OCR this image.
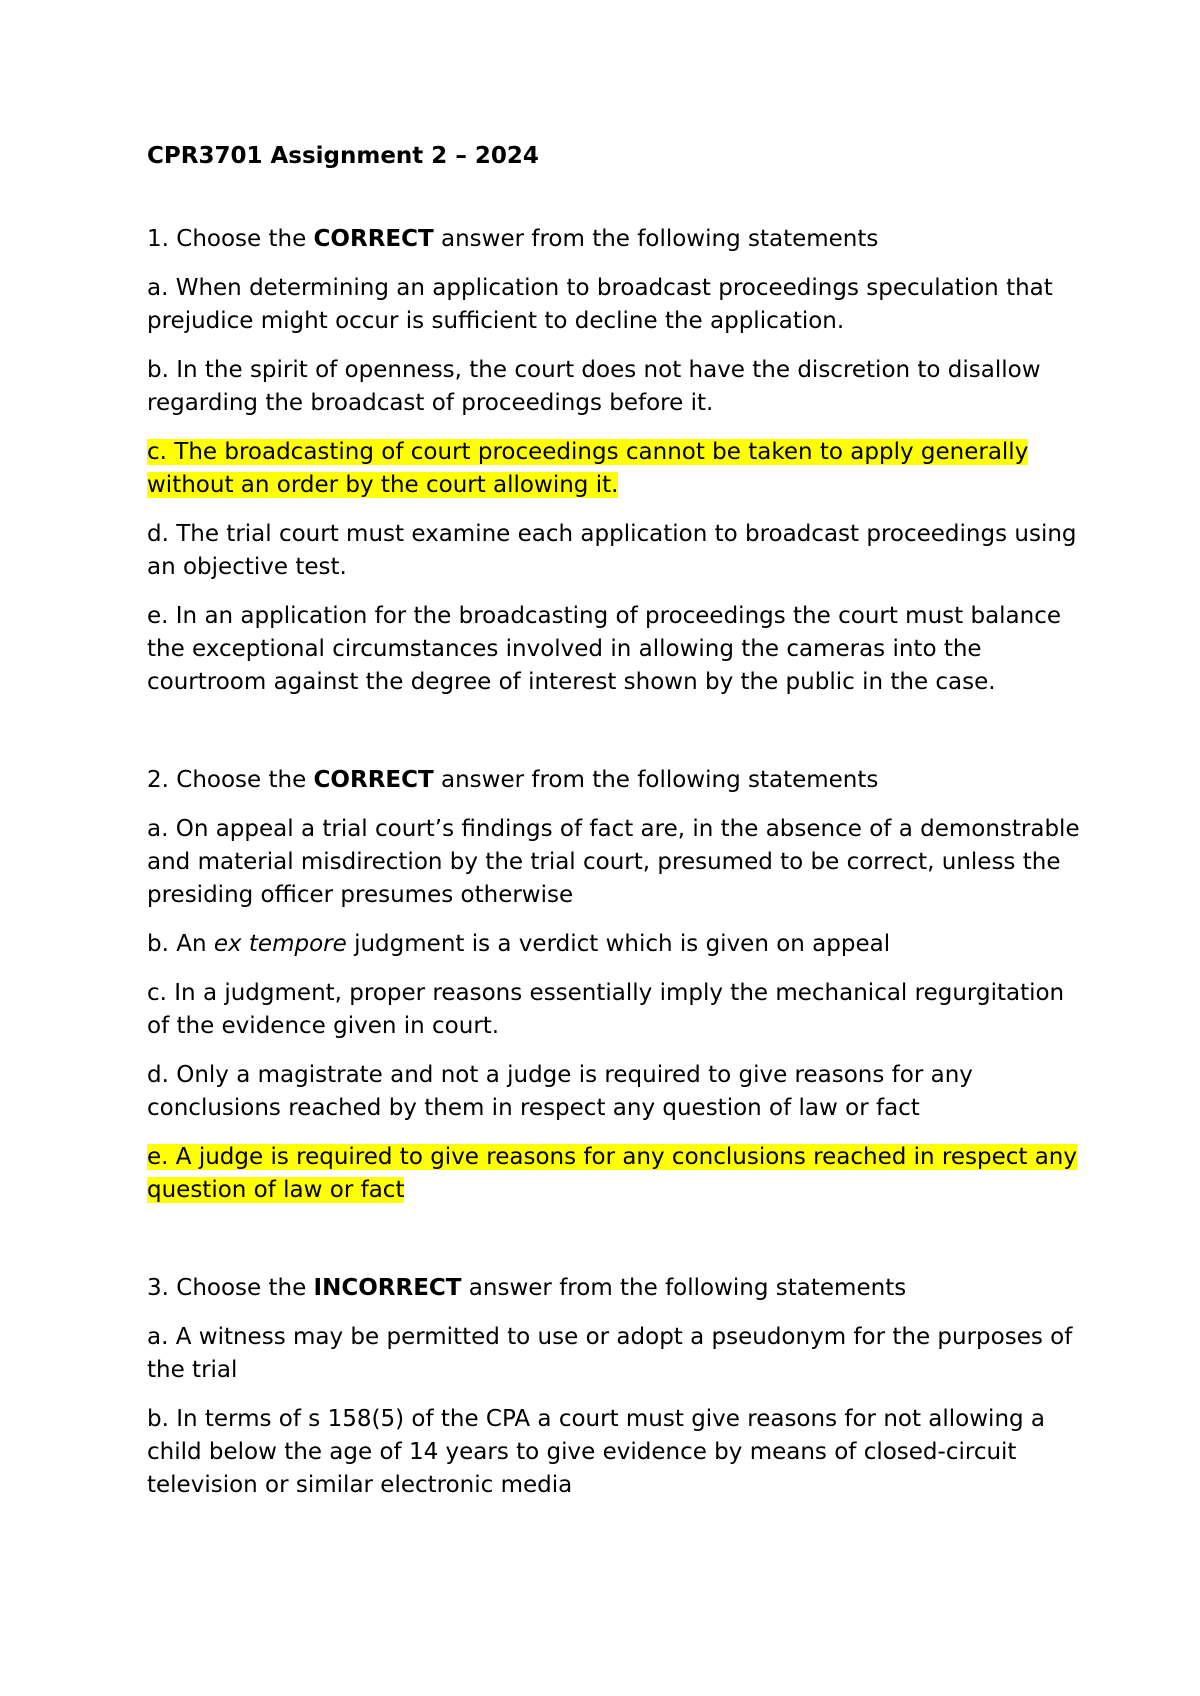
CPR3701 Assignment 2 – 2024

1. Choose the CORRECT answer from the following statements

a. When determining an application to broadcast proceedings speculation that prejudice might occur is sufficient to decline the application.

b. In the spirit of openness, the court does not have the discretion to disallow regarding the broadcast of proceedings before it.

c. The broadcasting of court proceedings cannot be taken to apply generally without an order by the court allowing it.

d. The trial court must examine each application to broadcast proceedings using an objective test.

e. In an application for the broadcasting of proceedings the court must balance the exceptional circumstances involved in allowing the cameras into the courtroom against the degree of interest shown by the public in the case.

2. Choose the CORRECT answer from the following statements

a. On appeal a trial court’s findings of fact are, in the absence of a demonstrable and material misdirection by the trial court, presumed to be correct, unless the presiding officer presumes otherwise

b. An ex tempore judgment is a verdict which is given on appeal

c. In a judgment, proper reasons essentially imply the mechanical regurgitation of the evidence given in court.

d. Only a magistrate and not a judge is required to give reasons for any conclusions reached by them in respect any question of law or fact

e. A judge is required to give reasons for any conclusions reached in respect any question of law or fact

3. Choose the INCORRECT answer from the following statements

a. A witness may be permitted to use or adopt a pseudonym for the purposes of the trial

b. In terms of s 158(5) of the CPA a court must give reasons for not allowing a child below the age of 14 years to give evidence by means of closed-circuit television or similar electronic media
